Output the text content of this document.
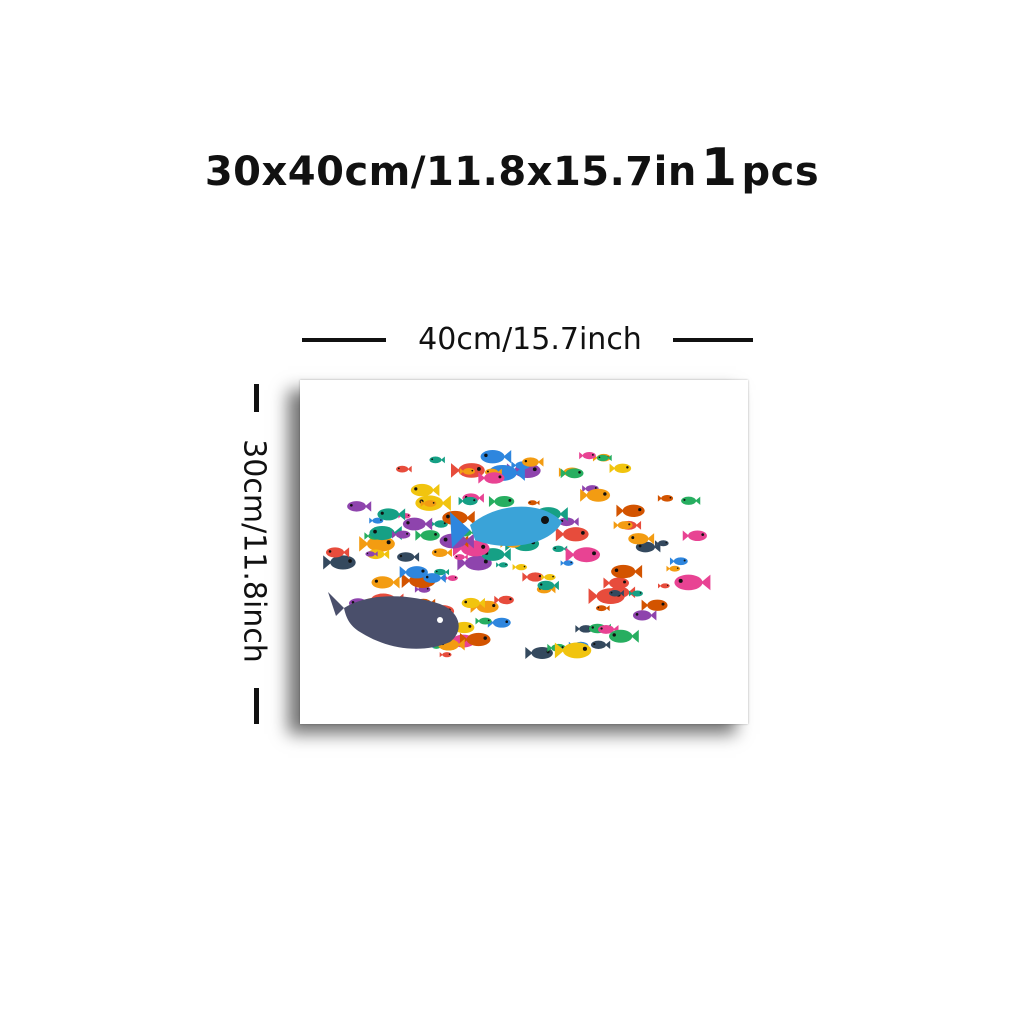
30x40cm/11.8x15.7in1 pcs
40cm/15.7inch
30cm/11.8inch
